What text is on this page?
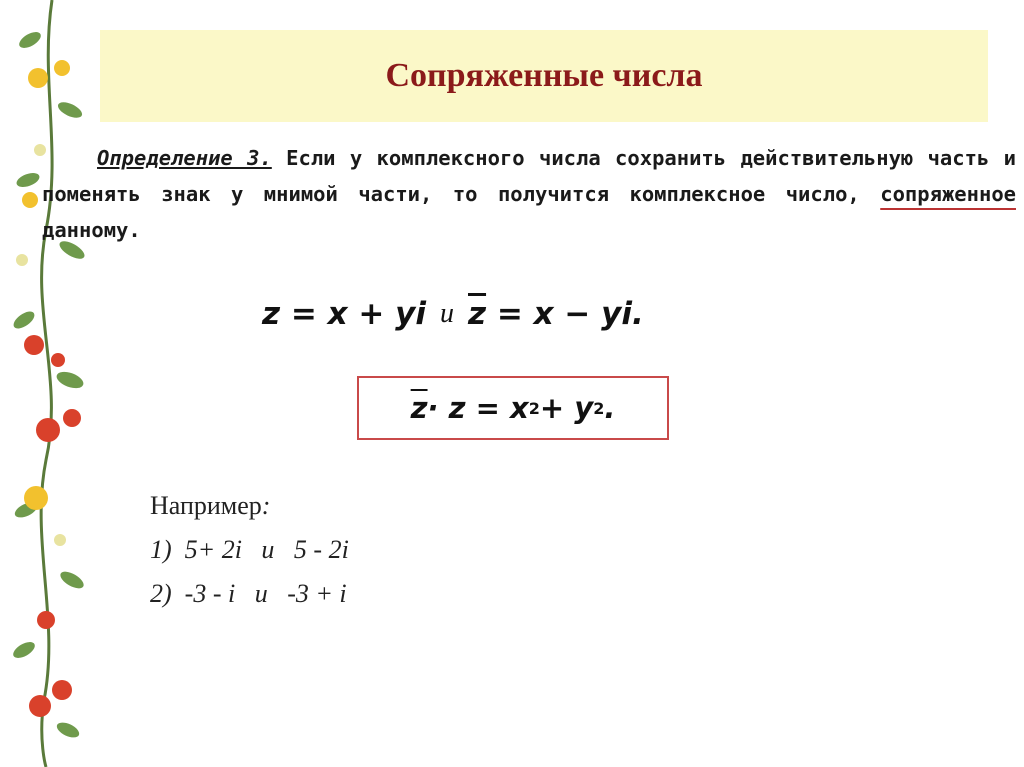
Сопряженные числа
Определение 3. Если у комплексного числа сохранить действительную часть и поменять знак у мнимой части, то получится комплексное число, сопряженное данному.
z = x + yi и $\overline{z} = x$ − yi.
$\overline{z} \cdot z = x$ 2 + y 2 .
Например:
1)  5+ 2i   и   5 - 2i
2)  -3 - i   и   -3 + i
